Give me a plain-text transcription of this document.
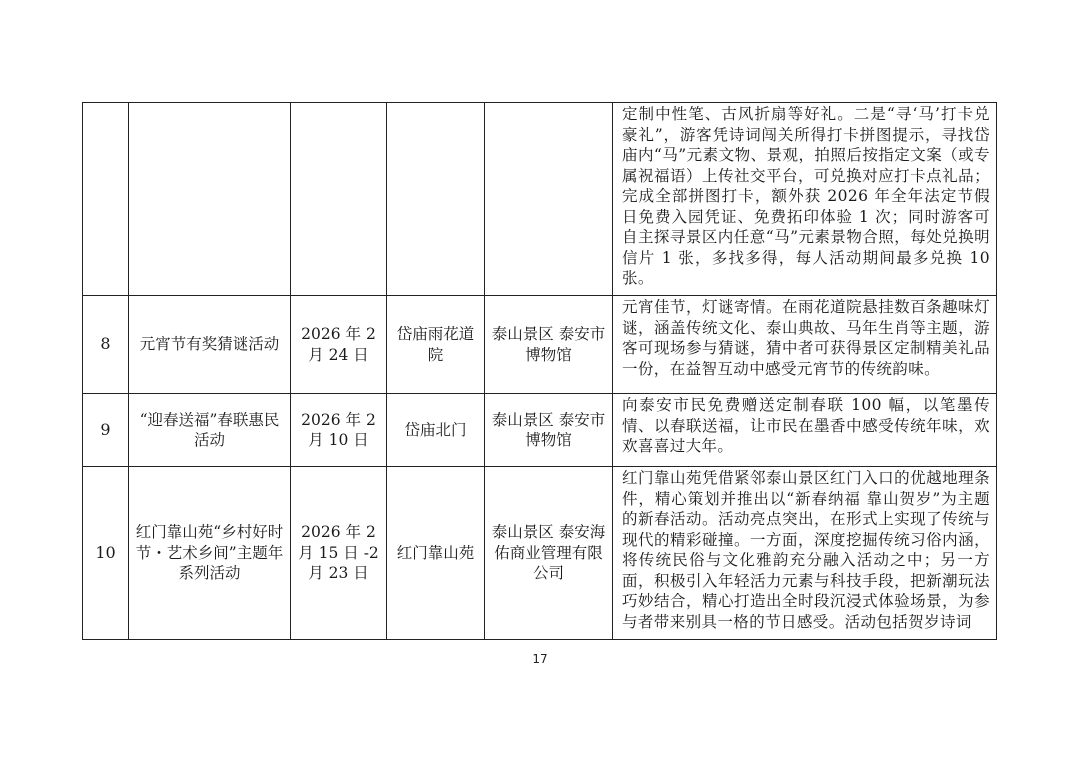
					定制中性笔、古风折扇等好礼。二是“寻‘马’打卡兑豪礼”，游客凭诗词闯关所得打卡拼图提示，寻找岱庙内“马”元素文物、景观，拍照后按指定文案（或专属祝福语）上传社交平台，可兑换对应打卡点礼品；完成全部拼图打卡，额外获 2026 年全年法定节假日免费入园凭证、免费拓印体验 1 次；同时游客可自主探寻景区内任意“马”元素景物合照，每处兑换明信片 1 张，多找多得，每人活动期间最多兑换 10 张。
8	元宵节有奖猜谜活动	2026 年 2 月 24 日	岱庙雨花道院	泰山景区 泰安市博物馆	元宵佳节，灯谜寄情。在雨花道院悬挂数百条趣味灯谜，涵盖传统文化、泰山典故、马年生肖等主题，游客可现场参与猜谜，猜中者可获得景区定制精美礼品一份，在益智互动中感受元宵节的传统韵味。
9	“迎春送福”春联惠民活动	2026 年 2 月 10 日	岱庙北门	泰山景区 泰安市博物馆	向泰安市民免费赠送定制春联 100 幅，以笔墨传情、以春联送福，让市民在墨香中感受传统年味，欢欢喜喜过大年。
10	红门靠山苑“乡村好时节・艺术乡间”主题年系列活动	2026 年 2 月 15 日 -2 月 23 日	红门靠山苑	泰山景区 泰安海佑商业管理有限公司	红门靠山苑凭借紧邻泰山景区红门入口的优越地理条件，精心策划并推出以“新春纳福 靠山贺岁”为主题的新春活动。活动亮点突出，在形式上实现了传统与现代的精彩碰撞。一方面，深度挖掘传统习俗内涵，将传统民俗与文化雅韵充分融入活动之中；另一方面，积极引入年轻活力元素与科技手段，把新潮玩法巧妙结合，精心打造出全时段沉浸式体验场景，为参与者带来别具一格的节日感受。活动包括贺岁诗词
17
